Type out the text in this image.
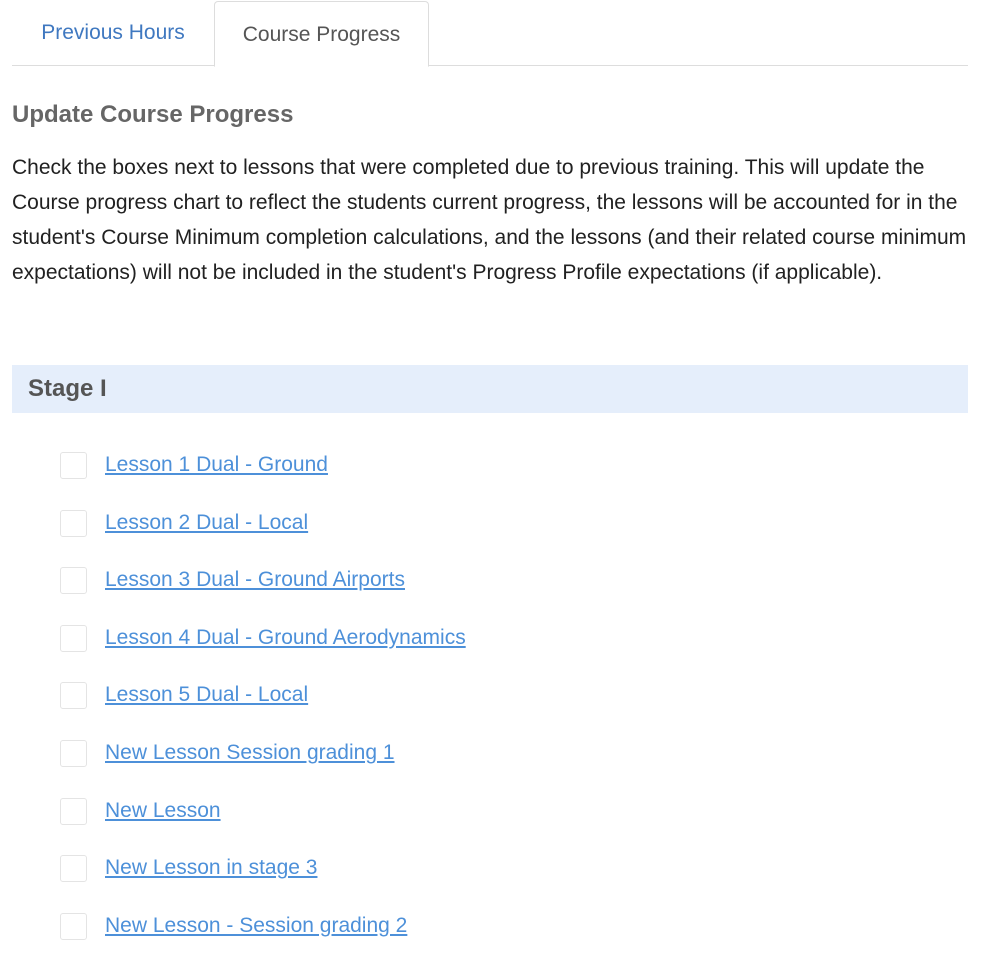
Previous Hours	Course Progress
Update Course Progress

Check the boxes next to lessons that were completed due to previous training. This will update the Course progress chart to reflect the students current progress, the lessons will be accounted for in the student's Course Minimum completion calculations, and the lessons (and their related course minimum expectations) will not be included in the student's Progress Profile expectations (if applicable).

Stage I
Lesson 1 Dual - Ground
Lesson 2 Dual - Local
Lesson 3 Dual - Ground Airports
Lesson 4 Dual - Ground Aerodynamics
Lesson 5 Dual - Local
New Lesson Session grading 1
New Lesson
New Lesson in stage 3
New Lesson - Session grading 2
